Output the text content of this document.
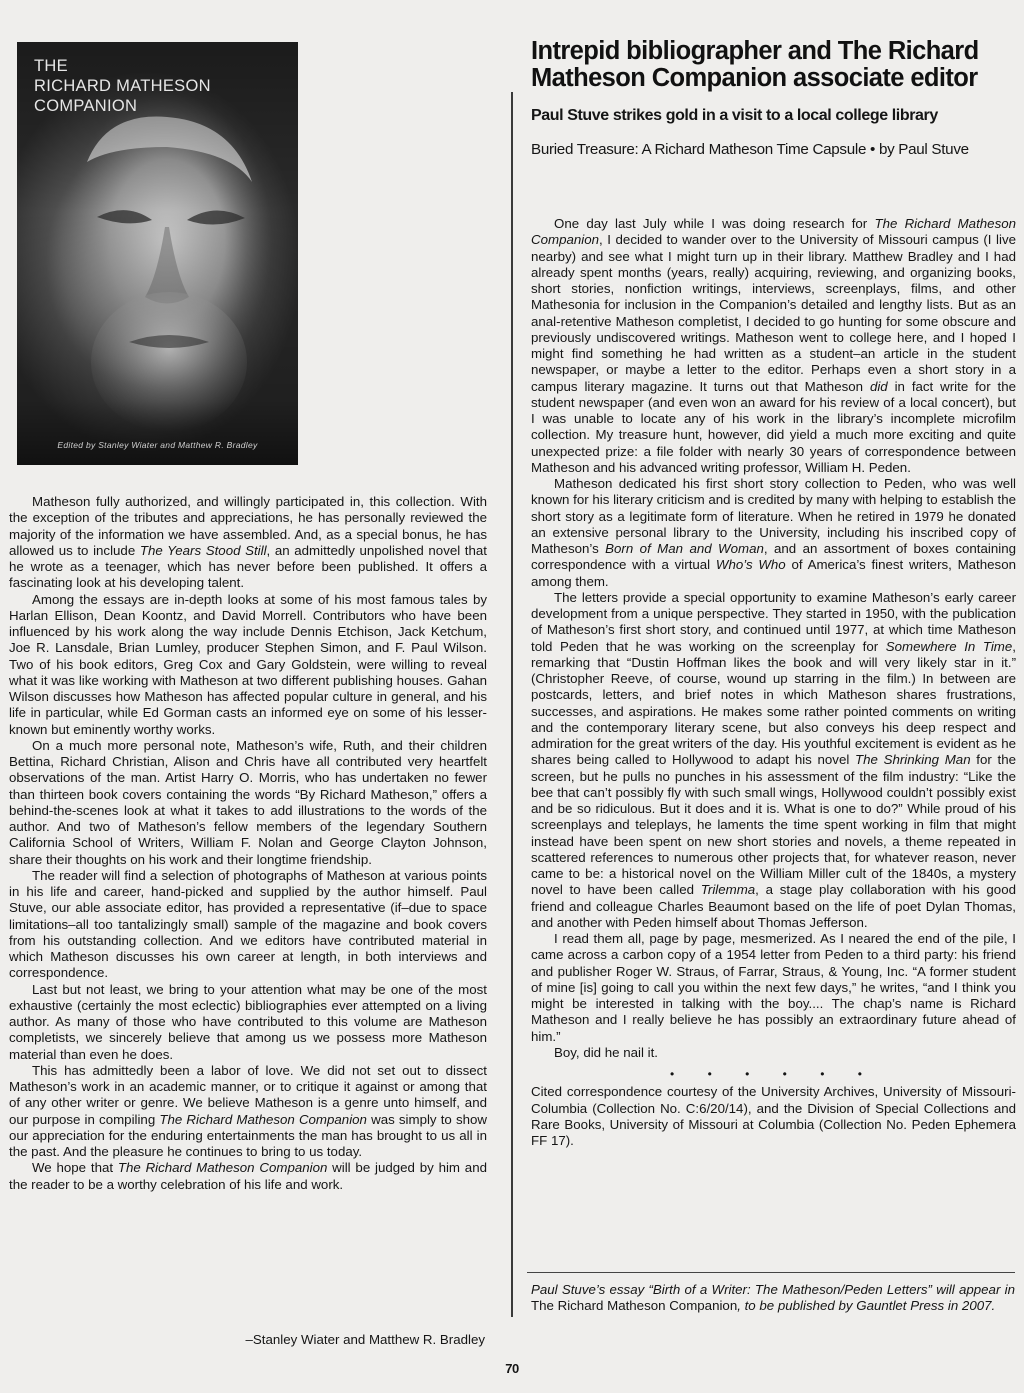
THE
RICHARD MATHESON
COMPANION
Edited by Stanley Wiater and Matthew R. Bradley

Matheson fully authorized, and willingly participated in, this collection. With the exception of the tributes and appreciations, he has personally reviewed the majority of the information we have assembled. And, as a special bonus, he has allowed us to include The Years Stood Still, an admittedly unpolished novel that he wrote as a teenager, which has never before been published. It offers a fascinating look at his developing talent.

Among the essays are in-depth looks at some of his most famous tales by Harlan Ellison, Dean Koontz, and David Morrell. Contributors who have been influenced by his work along the way include Dennis Etchison, Jack Ketchum, Joe R. Lansdale, Brian Lumley, producer Stephen Simon, and F. Paul Wilson. Two of his book editors, Greg Cox and Gary Goldstein, were willing to reveal what it was like working with Matheson at two different publishing houses. Gahan Wilson discusses how Matheson has affected popular culture in general, and his life in particular, while Ed Gorman casts an informed eye on some of his lesser-known but eminently worthy works.

On a much more personal note, Matheson’s wife, Ruth, and their children Bettina, Richard Christian, Alison and Chris have all contributed very heartfelt observations of the man. Artist Harry O. Morris, who has undertaken no fewer than thirteen book covers containing the words “By Richard Matheson,” offers a behind-the-scenes look at what it takes to add illustrations to the words of the author. And two of Matheson’s fellow members of the legendary Southern California School of Writers, William F. Nolan and George Clayton Johnson, share their thoughts on his work and their longtime friendship.

The reader will find a selection of photographs of Matheson at various points in his life and career, hand-picked and supplied by the author himself. Paul Stuve, our able associate editor, has provided a representative (if–due to space limitations–all too tantalizingly small) sample of the magazine and book covers from his outstanding collection. And we editors have contributed material in which Matheson discusses his own career at length, in both interviews and correspondence.

Last but not least, we bring to your attention what may be one of the most exhaustive (certainly the most eclectic) bibliographies ever attempted on a living author. As many of those who have contributed to this volume are Matheson completists, we sincerely believe that among us we possess more Matheson material than even he does.

This has admittedly been a labor of love. We did not set out to dissect Matheson’s work in an academic manner, or to critique it against or among that of any other writer or genre. We believe Matheson is a genre unto himself, and our purpose in compiling The Richard Matheson Companion was simply to show our appreciation for the enduring entertainments the man has brought to us all in the past. And the pleasure he continues to bring to us today.

We hope that The Richard Matheson Companion will be judged by him and the reader to be a worthy celebration of his life and work.

–Stanley Wiater and Matthew R. Bradley
Intrepid bibliographer and The Richard Matheson Companion associate editor
Paul Stuve strikes gold in a visit to a local college library
Buried Treasure: A Richard Matheson Time Capsule • by Paul Stuve

One day last July while I was doing research for The Richard Matheson Companion, I decided to wander over to the University of Missouri campus (I live nearby) and see what I might turn up in their library. Matthew Bradley and I had already spent months (years, really) acquiring, reviewing, and organizing books, short stories, nonfiction writings, interviews, screenplays, films, and other Mathesonia for inclusion in the Companion’s detailed and lengthy lists. But as an anal-retentive Matheson completist, I decided to go hunting for some obscure and previously undiscovered writings. Matheson went to college here, and I hoped I might find something he had written as a student–an article in the student newspaper, or maybe a letter to the editor. Perhaps even a short story in a campus literary magazine. It turns out that Matheson did in fact write for the student newspaper (and even won an award for his review of a local concert), but I was unable to locate any of his work in the library’s incomplete microfilm collection. My treasure hunt, however, did yield a much more exciting and quite unexpected prize: a file folder with nearly 30 years of correspondence between Matheson and his advanced writing professor, William H. Peden.

Matheson dedicated his first short story collection to Peden, who was well known for his literary criticism and is credited by many with helping to establish the short story as a legitimate form of literature. When he retired in 1979 he donated an extensive personal library to the University, including his inscribed copy of Matheson’s Born of Man and Woman, and an assortment of boxes containing correspondence with a virtual Who’s Who of America’s finest writers, Matheson among them.

The letters provide a special opportunity to examine Matheson’s early career development from a unique perspective. They started in 1950, with the publication of Matheson’s first short story, and continued until 1977, at which time Matheson told Peden that he was working on the screenplay for Somewhere In Time, remarking that “Dustin Hoffman likes the book and will very likely star in it.” (Christopher Reeve, of course, wound up starring in the film.) In between are postcards, letters, and brief notes in which Matheson shares frustrations, successes, and aspirations. He makes some rather pointed comments on writing and the contemporary literary scene, but also conveys his deep respect and admiration for the great writers of the day. His youthful excitement is evident as he shares being called to Hollywood to adapt his novel The Shrinking Man for the screen, but he pulls no punches in his assessment of the film industry: “Like the bee that can’t possibly fly with such small wings, Hollywood couldn’t possibly exist and be so ridiculous. But it does and it is. What is one to do?” While proud of his screenplays and teleplays, he laments the time spent working in film that might instead have been spent on new short stories and novels, a theme repeated in scattered references to numerous other projects that, for whatever reason, never came to be: a historical novel on the William Miller cult of the 1840s, a mystery novel to have been called Trilemma, a stage play collaboration with his good friend and colleague Charles Beaumont based on the life of poet Dylan Thomas, and another with Peden himself about Thomas Jefferson.

I read them all, page by page, mesmerized. As I neared the end of the pile, I came across a carbon copy of a 1954 letter from Peden to a third party: his friend and publisher Roger W. Straus, of Farrar, Straus, & Young, Inc. “A former student of mine [is] going to call you within the next few days,” he writes, “and I think you might be interested in talking with the boy.... The chap’s name is Richard Matheson and I really believe he has possibly an extraordinary future ahead of him.”

Boy, did he nail it.

• • • • • •

Cited correspondence courtesy of the University Archives, University of Missouri-Columbia (Collection No. C:6/20/14), and the Division of Special Collections and Rare Books, University of Missouri at Columbia (Collection No. Peden Ephemera FF 17).

Paul Stuve’s essay “Birth of a Writer: The Matheson/Peden Letters” will appear in The Richard Matheson Companion, to be published by Gauntlet Press in 2007.
70
